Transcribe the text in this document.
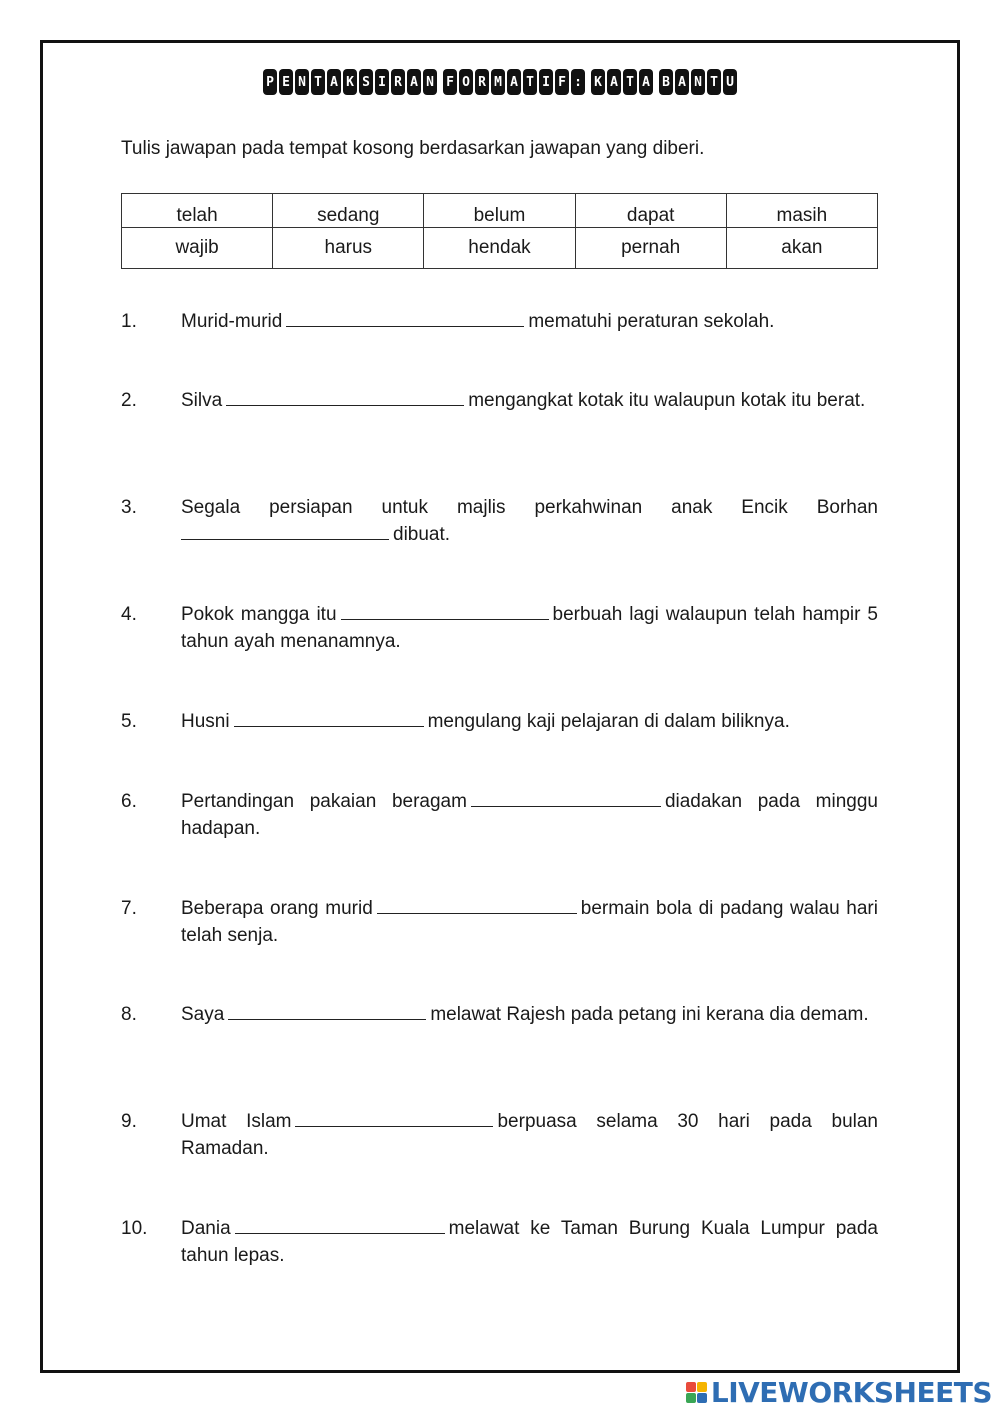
P E N T A K S I R A N F O R M A T I F : K A T A B A N T U
Tulis jawapan pada tempat kosong berdasarkan jawapan yang diberi.
telah	sedang	belum	dapat	masih
wajib	harus	hendak	pernah	akan
1. Murid-murid	mematuhi peraturan sekolah.
2. Silva	mengangkat kotak itu walaupun kotak itu berat.
3. Segala persiapan untuk majlis perkahwinan anak Encik Borhan dibuat.
4. Pokok mangga itu	berbuah lagi walaupun telah hampir 5 tahun ayah menanamnya.
5. Husni	mengulang kaji pelajaran di dalam biliknya.
6. Pertandingan pakaian beragam	diadakan pada minggu hadapan.
7. Beberapa orang murid	bermain bola di padang walau hari telah senja.
8. Saya	melawat Rajesh pada petang ini kerana dia demam.
9. Umat Islam	berpuasa selama 30 hari pada bulan Ramadan.
10. Dania	melawat ke Taman Burung Kuala Lumpur pada tahun lepas.
LIVEWORKSHEETS
